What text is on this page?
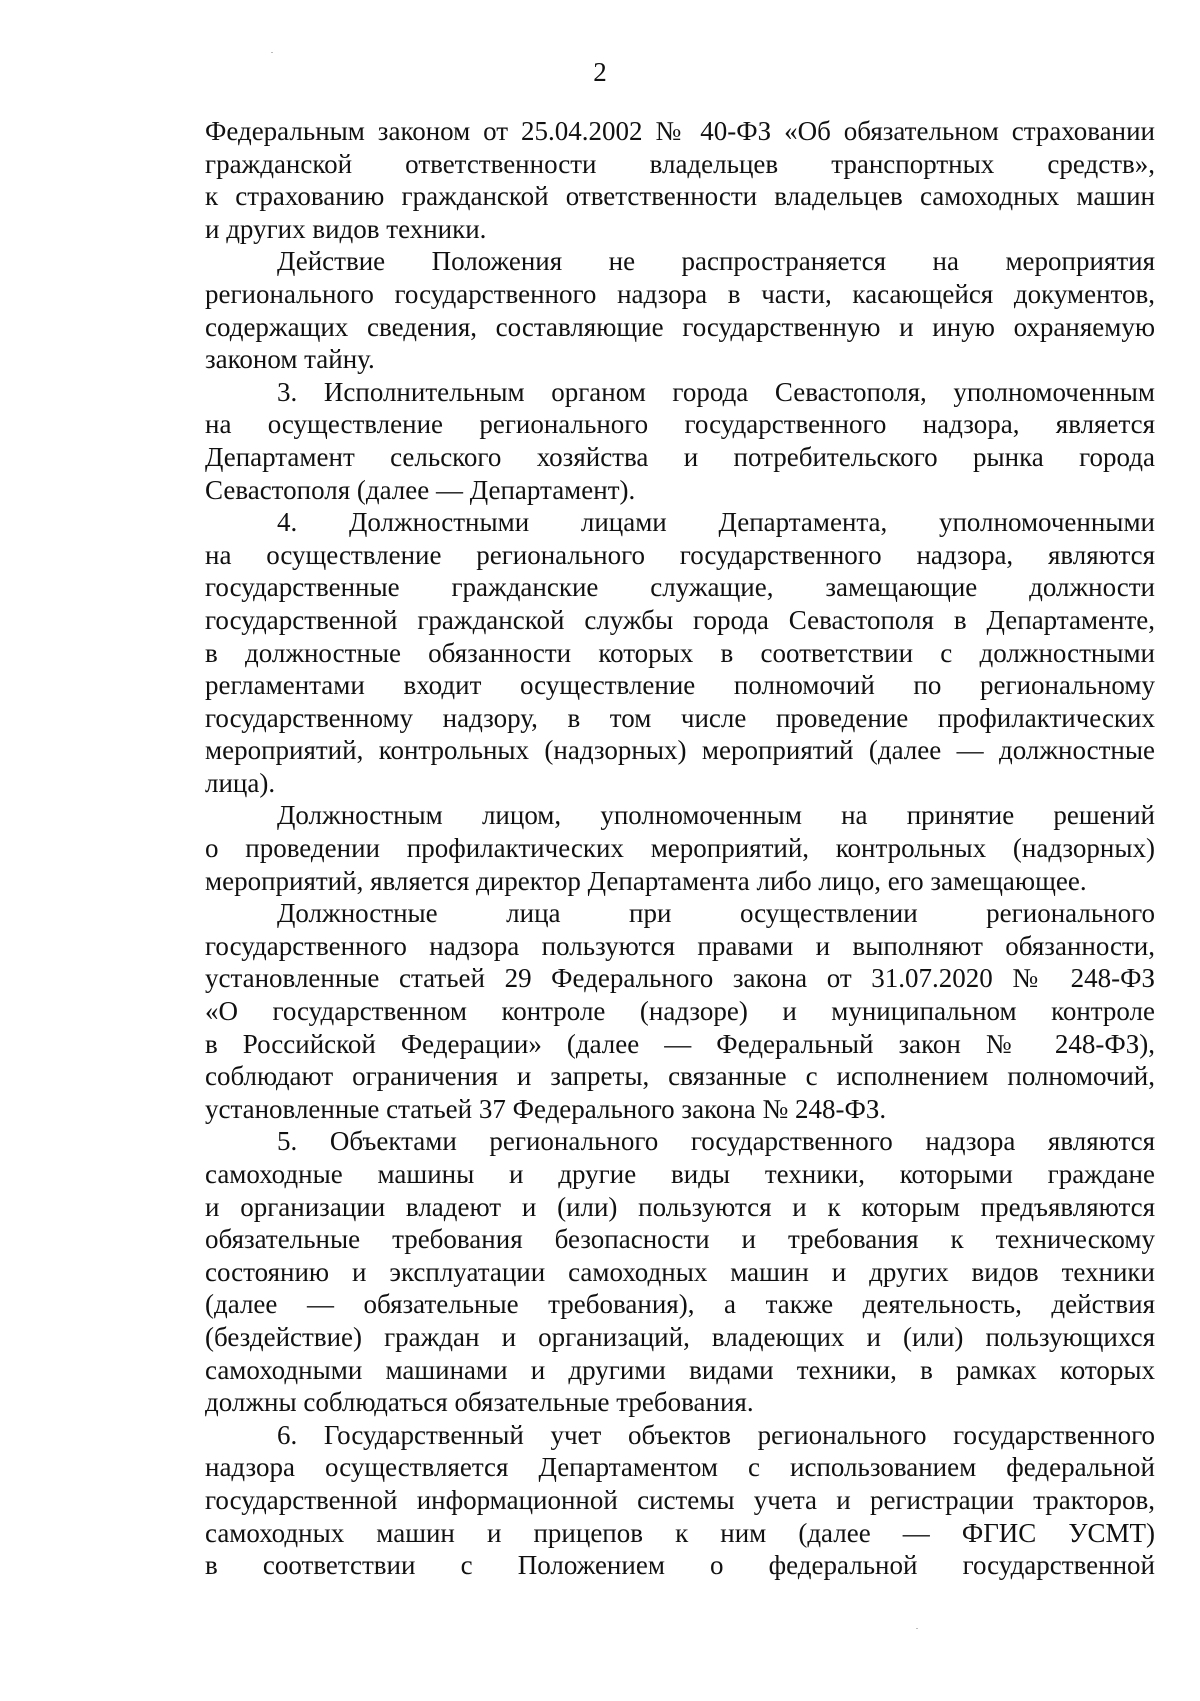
2
Федеральным законом от 25.04.2002 № 40-ФЗ «Об обязательном страховании
гражданской ответственности владельцев транспортных средств»,
к страхованию гражданской ответственности владельцев самоходных машин
и других видов техники.
Действие Положения не распространяется на мероприятия
регионального государственного надзора в части, касающейся документов,
содержащих сведения, составляющие государственную и иную охраняемую
законом тайну.
3. Исполнительным органом города Севастополя, уполномоченным
на осуществление регионального государственного надзора, является
Департамент сельского хозяйства и потребительского рынка города
Севастополя (далее — Департамент).
4. Должностными лицами Департамента, уполномоченными
на осуществление регионального государственного надзора, являются
государственные гражданские служащие, замещающие должности
государственной гражданской службы города Севастополя в Департаменте,
в должностные обязанности которых в соответствии с должностными
регламентами входит осуществление полномочий по региональному
государственному надзору, в том числе проведение профилактических
мероприятий, контрольных (надзорных) мероприятий (далее — должностные
лица).
Должностным лицом, уполномоченным на принятие решений
о проведении профилактических мероприятий, контрольных (надзорных)
мероприятий, является директор Департамента либо лицо, его замещающее.
Должностные лица при осуществлении регионального
государственного надзора пользуются правами и выполняют обязанности,
установленные статьей 29 Федерального закона от 31.07.2020 № 248-ФЗ
«О государственном контроле (надзоре) и муниципальном контроле
в Российской Федерации» (далее — Федеральный закон № 248-ФЗ),
соблюдают ограничения и запреты, связанные с исполнением полномочий,
установленные статьей 37 Федерального закона № 248-ФЗ.
5. Объектами регионального государственного надзора являются
самоходные машины и другие виды техники, которыми граждане
и организации владеют и (или) пользуются и к которым предъявляются
обязательные требования безопасности и требования к техническому
состоянию и эксплуатации самоходных машин и других видов техники
(далее — обязательные требования), а также деятельность, действия
(бездействие) граждан и организаций, владеющих и (или) пользующихся
самоходными машинами и другими видами техники, в рамках которых
должны соблюдаться обязательные требования.
6. Государственный учет объектов регионального государственного
надзора осуществляется Департаментом с использованием федеральной
государственной информационной системы учета и регистрации тракторов,
самоходных машин и прицепов к ним (далее — ФГИС УСМТ)
в соответствии с Положением о федеральной государственной
